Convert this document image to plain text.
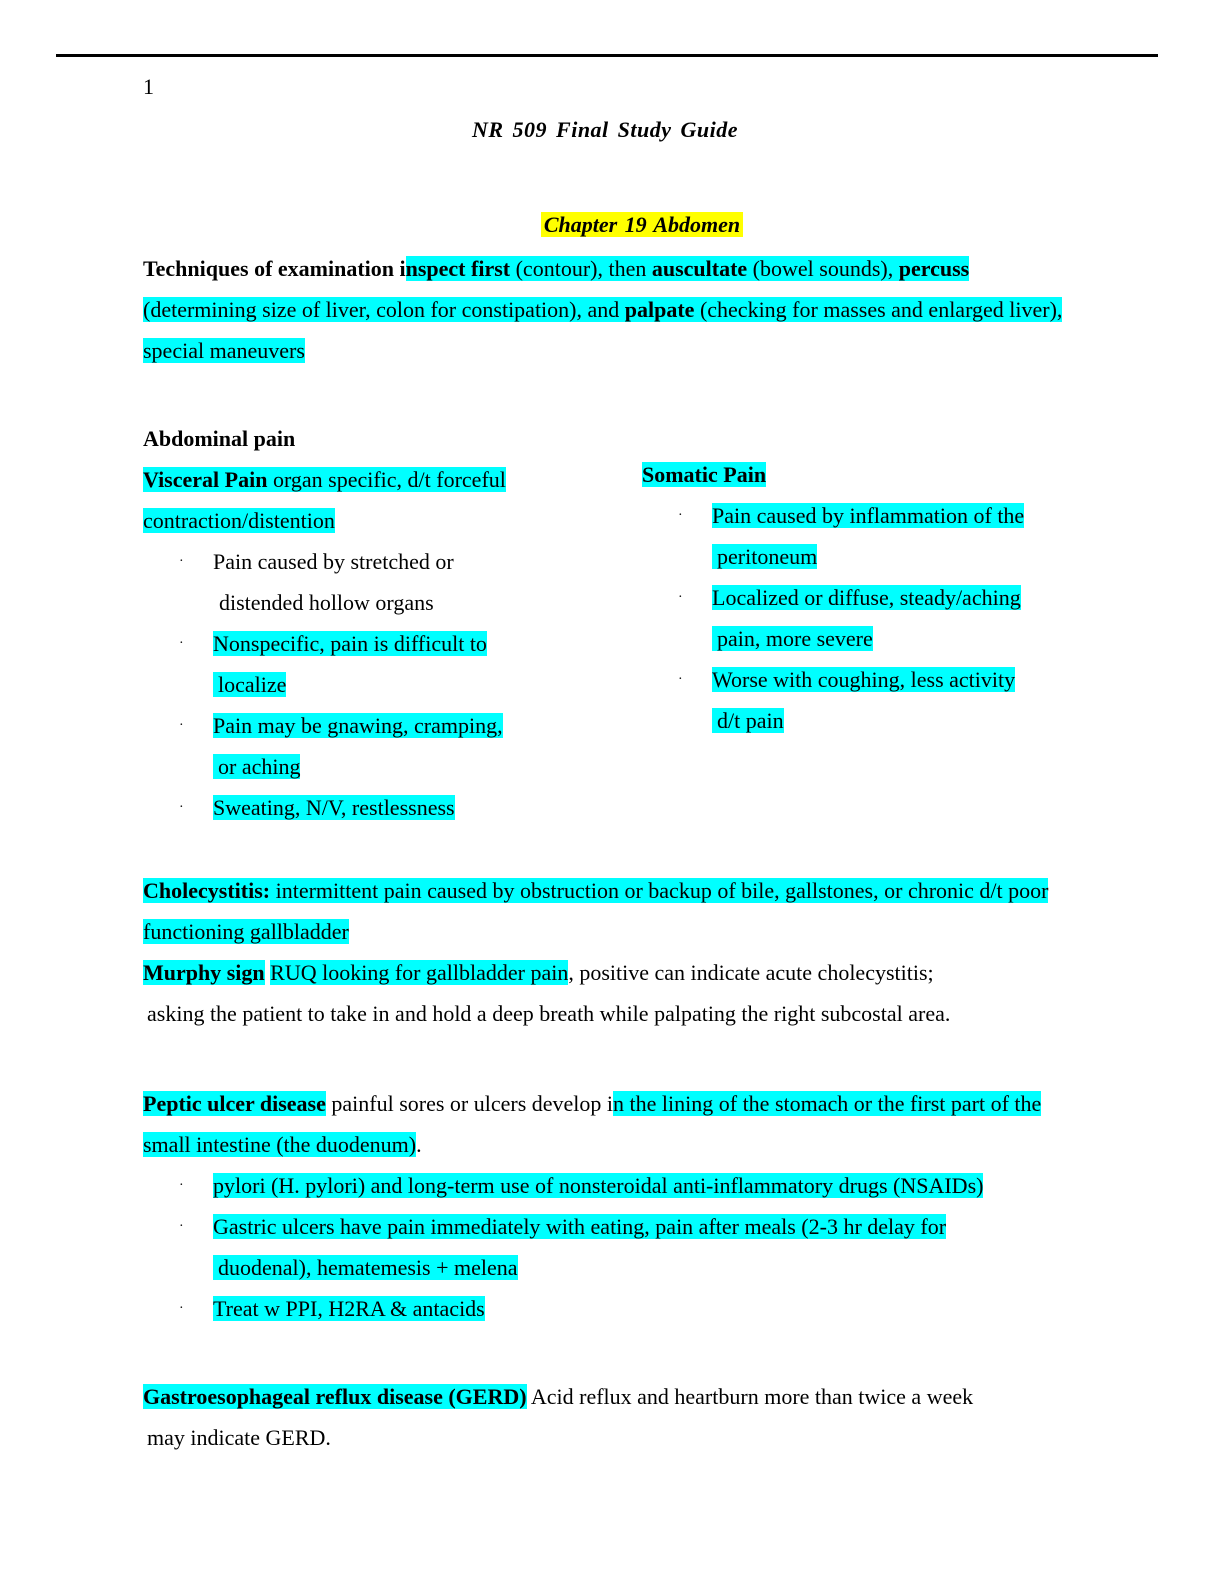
1
NR 509 Final Study Guide
Chapter 19 Abdomen
Techniques of examination inspect first (contour), then auscultate (bowel sounds), percuss (determining size of liver, colon for constipation), and palpate (checking for masses and enlarged liver), special maneuvers
Abdominal pain

Visceral Pain organ specific, d/t forceful contraction/distention

· Pain caused by stretched or
distended hollow organs
· Nonspecific, pain is difficult to
localize
· Pain may be gnawing, cramping,
or aching
· Sweating, N/V, restlessness

Somatic Pain

· Pain caused by inflammation of the
peritoneum
· Localized or diffuse, steady/aching
pain, more severe
· Worse with coughing, less activity
d/t pain
Cholecystitis: intermittent pain caused by obstruction or backup of bile, gallstones, or chronic d/t poor functioning gallbladder

Murphy sign RUQ looking for gallbladder pain, positive can indicate acute cholecystitis;

asking the patient to take in and hold a deep breath while palpating the right subcostal area.

Peptic ulcer disease painful sores or ulcers develop in the lining of the stomach or the first part of the small intestine (the duodenum).

· pylori (H. pylori) and long-term use of nonsteroidal anti-inflammatory drugs (NSAIDs)
· Gastric ulcers have pain immediately with eating, pain after meals (2-3 hr delay for
duodenal), hematemesis + melena
· Treat w PPI, H2RA & antacids

Gastroesophageal reflux disease (GERD) Acid reflux and heartburn more than twice a week

may indicate GERD.
